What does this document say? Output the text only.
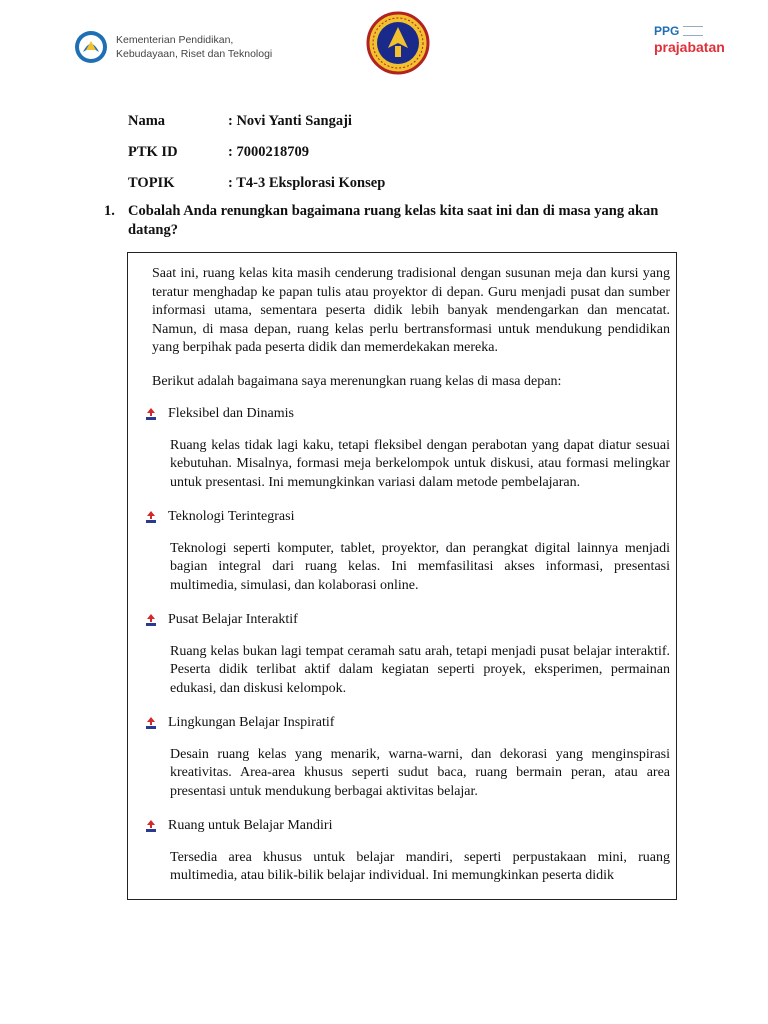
Kementerian Pendidikan,
Kebudayaan, Riset dan Teknologi
PPG
prajabatan
Nama	: Novi Yanti Sangaji
PTK ID	: 7000218709
TOPIK	: T4-3 Eksplorasi Konsep
1. Cobalah Anda renungkan bagaimana ruang kelas kita saat ini dan di masa yang akan datang?

Saat ini, ruang kelas kita masih cenderung tradisional dengan susunan meja dan kursi yang teratur menghadap ke papan tulis atau proyektor di depan. Guru menjadi pusat dan sumber informasi utama, sementara peserta didik lebih banyak mendengarkan dan mencatat. Namun, di masa depan, ruang kelas perlu bertransformasi untuk mendukung pendidikan yang berpihak pada peserta didik dan memerdekakan mereka.

Berikut adalah bagaimana saya merenungkan ruang kelas di masa depan:

Fleksibel dan Dinamis

Ruang kelas tidak lagi kaku, tetapi fleksibel dengan perabotan yang dapat diatur sesuai kebutuhan. Misalnya, formasi meja berkelompok untuk diskusi, atau formasi melingkar untuk presentasi. Ini memungkinkan variasi dalam metode pembelajaran.

Teknologi Terintegrasi

Teknologi seperti komputer, tablet, proyektor, dan perangkat digital lainnya menjadi bagian integral dari ruang kelas. Ini memfasilitasi akses informasi, presentasi multimedia, simulasi, dan kolaborasi online.

Pusat Belajar Interaktif

Ruang kelas bukan lagi tempat ceramah satu arah, tetapi menjadi pusat belajar interaktif. Peserta didik terlibat aktif dalam kegiatan seperti proyek, eksperimen, permainan edukasi, dan diskusi kelompok.

Lingkungan Belajar Inspiratif

Desain ruang kelas yang menarik, warna-warni, dan dekorasi yang menginspirasi kreativitas. Area-area khusus seperti sudut baca, ruang bermain peran, atau area presentasi untuk mendukung berbagai aktivitas belajar.

Ruang untuk Belajar Mandiri

Tersedia area khusus untuk belajar mandiri, seperti perpustakaan mini, ruang multimedia, atau bilik-bilik belajar individual. Ini memungkinkan peserta didik
